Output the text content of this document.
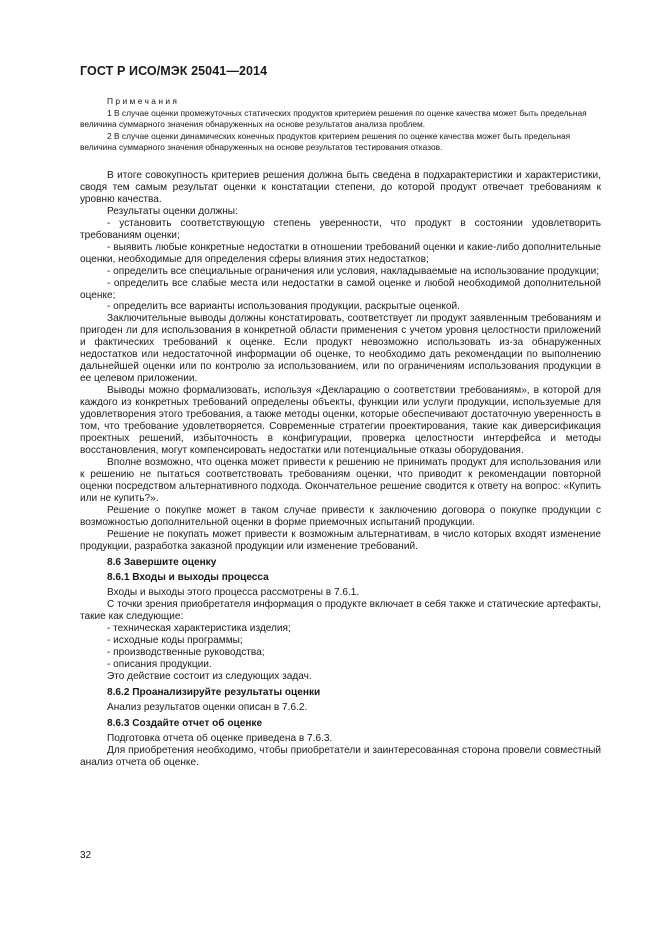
ГОСТ Р ИСО/МЭК 25041—2014

Примечания

1 В случае оценки промежуточных статических продуктов критерием решения по оценке качества может быть предельная величина суммарного значения обнаруженных на основе результатов анализа проблем.

2 В случае оценки динамических конечных продуктов критерием решения по оценке качества может быть предельная величина суммарного значения обнаруженных на основе результатов тестирования отказов.

В итоге совокупность критериев решения должна быть сведена в подхарактеристики и характеристики, сводя тем самым результат оценки к констатации степени, до которой продукт отвечает требованиям к уровню качества.

Результаты оценки должны:

- установить соответствующую степень уверенности, что продукт в состоянии удовлетворить требованиям оценки;

- выявить любые конкретные недостатки в отношении требований оценки и какие-либо дополнительные оценки, необходимые для определения сферы влияния этих недостатков;

- определить все специальные ограничения или условия, накладываемые на использование продукции;

- определить все слабые места или недостатки в самой оценке и любой необходимой дополнительной оценке;

- определить все варианты использования продукции, раскрытые оценкой.

Заключительные выводы должны констатировать, соответствует ли продукт заявленным требованиям и пригоден ли для использования в конкретной области применения с учетом уровня целостности приложений и фактических требований к оценке. Если продукт невозможно использовать из-за обнаруженных недостатков или недостаточной информации об оценке, то необходимо дать рекомендации по выполнению дальнейшей оценки или по контролю за использованием, или по ограничениям использования продукции в ее целевом приложении.

Выводы можно формализовать, используя «Декларацию о соответствии требованиям», в которой для каждого из конкретных требований определены объекты, функции или услуги продукции, используемые для удовлетворения этого требования, а также методы оценки, которые обеспечивают достаточную уверенность в том, что требование удовлетворяется. Современные стратегии проектирования, такие как диверсификация проектных решений, избыточность в конфигурации, проверка целостности интерфейса и методы восстановления, могут компенсировать недостатки или потенциальные отказы оборудования.

Вполне возможно, что оценка может привести к решению не принимать продукт для использования или к решению не пытаться соответствовать требованиям оценки, что приводит к рекомендации повторной оценки посредством альтернативного подхода. Окончательное решение сводится к ответу на вопрос: «Купить или не купить?».

Решение о покупке может в таком случае привести к заключению договора о покупке продукции с возможностью дополнительной оценки в форме приемочных испытаний продукции.

Решение не покупать может привести к возможным альтернативам, в число которых входят изменение продукции, разработка заказной продукции или изменение требований.

8.6 Завершите оценку

8.6.1 Входы и выходы процесса

Входы и выходы этого процесса рассмотрены в 7.6.1.

С точки зрения приобретателя информация о продукте включает в себя также и статические артефакты, такие как следующие:

- техническая характеристика изделия;

- исходные коды программы;

- производственные руководства;

- описания продукции.

Это действие состоит из следующих задач.

8.6.2 Проанализируйте результаты оценки

Анализ результатов оценки описан в 7.6.2.

8.6.3 Создайте отчет об оценке

Подготовка отчета об оценке приведена в 7.6.3.

Для приобретения необходимо, чтобы приобретатели и заинтересованная сторона провели совместный анализ отчета об оценке.

32
